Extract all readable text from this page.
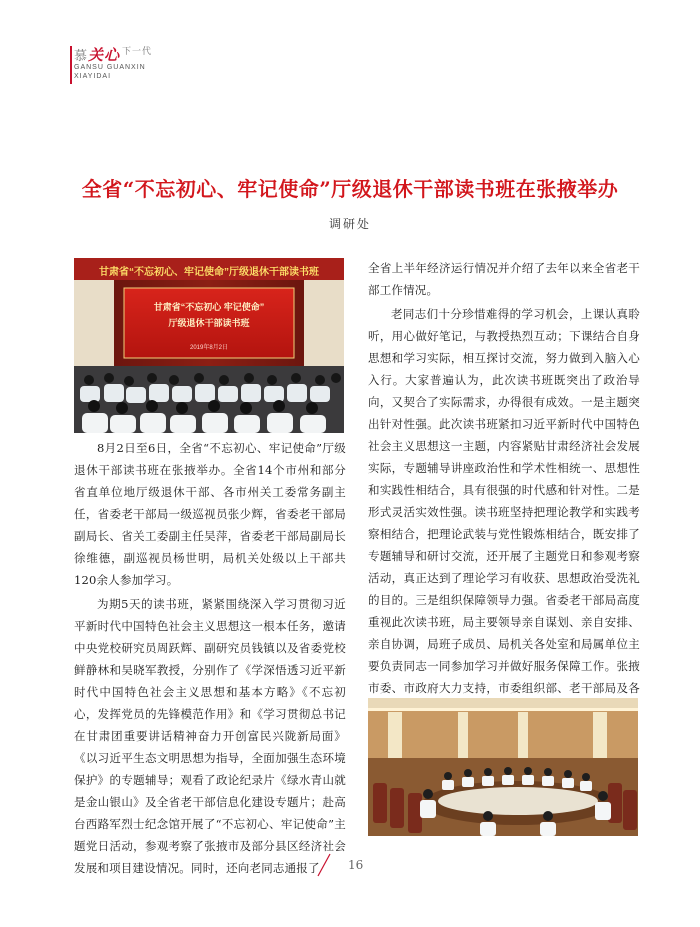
慕关心 $^{下一代}$
GANSU GUANXIN
XIAYIDAI
全省“不忘初心、牢记使命”厅级退休干部读书班在张掖举办
调研处
甘肃省“不忘初心、牢记使命”厅级退休干部读书班
甘肃省“不忘初心 牢记使命”
厅级退休干部读书班
2019年8月2日

8月2日至6日，全省“不忘初心、牢记使命”厅级退休干部读书班在张掖举办。全省14个市州和部分省直单位地厅级退休干部、各市州关工委常务副主任，省委老干部局一级巡视员张少辉，省委老干部局副局长、省关工委副主任吴萍，省委老干部局副局长徐维德，副巡视员杨世明，局机关处级以上干部共120余人参加学习。

为期5天的读书班，紧紧围绕深入学习贯彻习近平新时代中国特色社会主义思想这一根本任务，邀请中央党校研究员周跃辉、副研究员钱镇以及省委党校鲜静林和吴晓军教授，分别作了《学深悟透习近平新时代中国特色社会主义思想和基本方略》《不忘初心，发挥党员的先锋模范作用》和《学习贯彻总书记在甘肃团重要讲话精神奋力开创富民兴陇新局面》《以习近平生态文明思想为指导，全面加强生态环境保护》的专题辅导；观看了政论纪录片《绿水青山就是金山银山》及全省老干部信息化建设专题片；赴高台西路军烈士纪念馆开展了“不忘初心、牢记使命”主题党日活动，参观考察了张掖市及部分县区经济社会发展和项目建设情况。同时，还向老同志通报了

全省上半年经济运行情况并介绍了去年以来全省老干部工作情况。

老同志们十分珍惜难得的学习机会，上课认真聆听，用心做好笔记，与教授热烈互动；下课结合自身思想和学习实际，相互探讨交流，努力做到入脑入心入行。大家普遍认为，此次读书班既突出了政治导向，又契合了实际需求，办得很有成效。一是主题突出针对性强。此次读书班紧扣习近平新时代中国特色社会主义思想这一主题，内容紧贴甘肃经济社会发展实际，专题辅导讲座政治性和学术性相统一、思想性和实践性相结合，具有很强的时代感和针对性。二是形式灵活实效性强。读书班坚持把理论教学和实践考察相结合，把理论武装与党性锻炼相结合，既安排了专题辅导和研讨交流，还开展了主题党日和参观考察活动，真正达到了理论学习有收获、思想政治受洗礼的目的。三是组织保障领导力强。省委老干部局高度重视此次读书班，局主要领导亲自谋划、亲自安排、亲自协调，局班子成员、局机关各处室和局属单位主要负责同志一同参加学习并做好服务保障工作。张掖市委、市政府大力支持，市委组织部、老干部局及各

16
